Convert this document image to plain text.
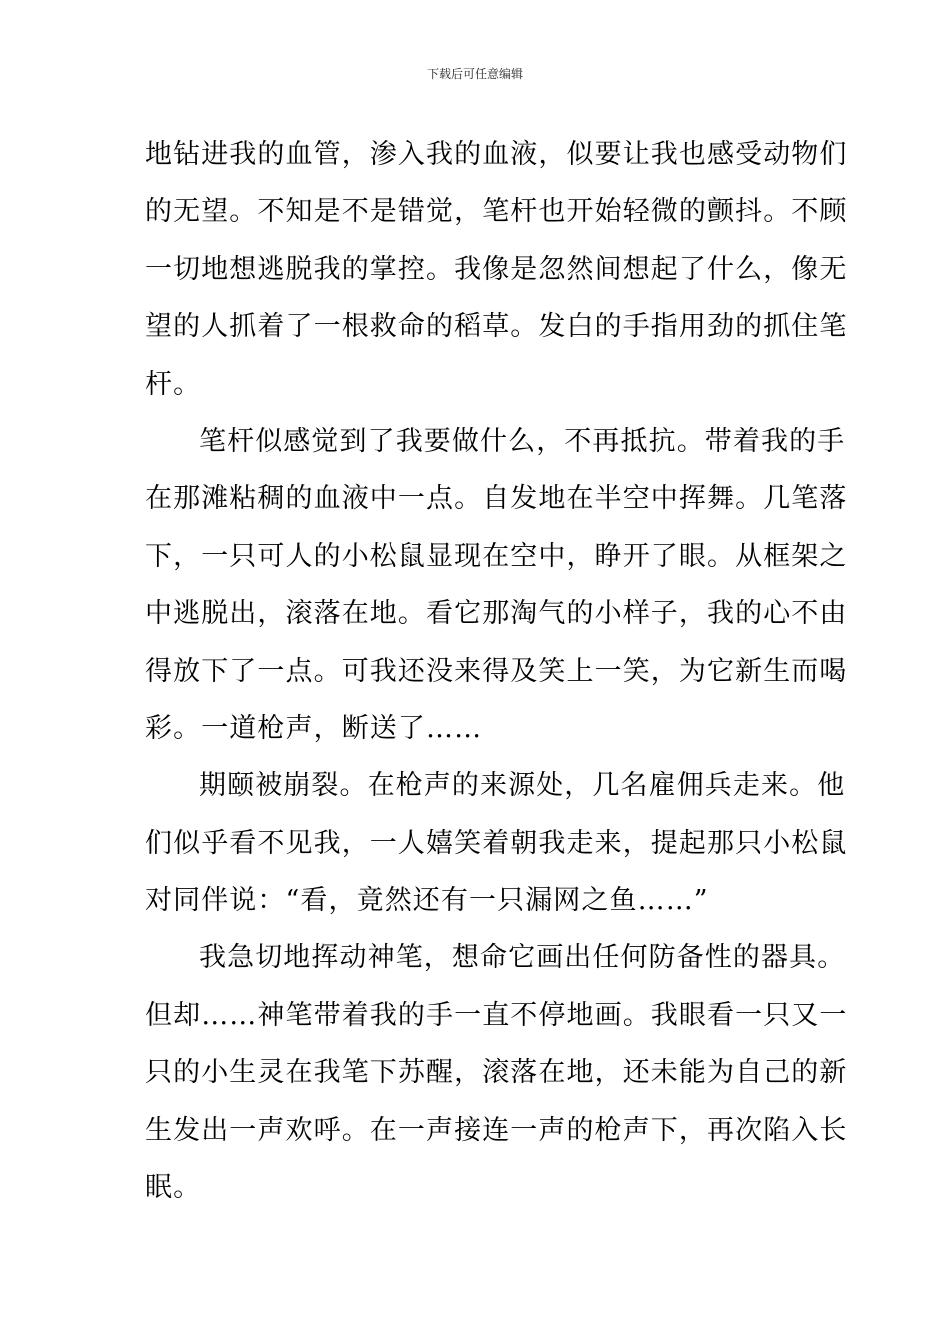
下载后可任意编辑
地钻进我的血管，渗入我的血液，似要让我也感受动物们
的无望。不知是不是错觉，笔杆也开始轻微的颤抖。不顾
一切地想逃脱我的掌控。我像是忽然间想起了什么，像无
望的人抓着了一根救命的稻草。发白的手指用劲的抓住笔
杆。
笔杆似感觉到了我要做什么，不再抵抗。带着我的手
在那滩粘稠的血液中一点。自发地在半空中挥舞。几笔落
下，一只可人的小松鼠显现在空中，睁开了眼。从框架之
中逃脱出，滚落在地。看它那淘气的小样子，我的心不由
得放下了一点。可我还没来得及笑上一笑，为它新生而喝
彩。一道枪声，断送了……
期颐被崩裂。在枪声的来源处，几名雇佣兵走来。他
们似乎看不见我，一人嬉笑着朝我走来，提起那只小松鼠
对同伴说：“看，竟然还有一只漏网之鱼……”
我急切地挥动神笔，想命它画出任何防备性的器具。
但却……神笔带着我的手一直不停地画。我眼看一只又一
只的小生灵在我笔下苏醒，滚落在地，还未能为自己的新
生发出一声欢呼。在一声接连一声的枪声下，再次陷入长
眠。
